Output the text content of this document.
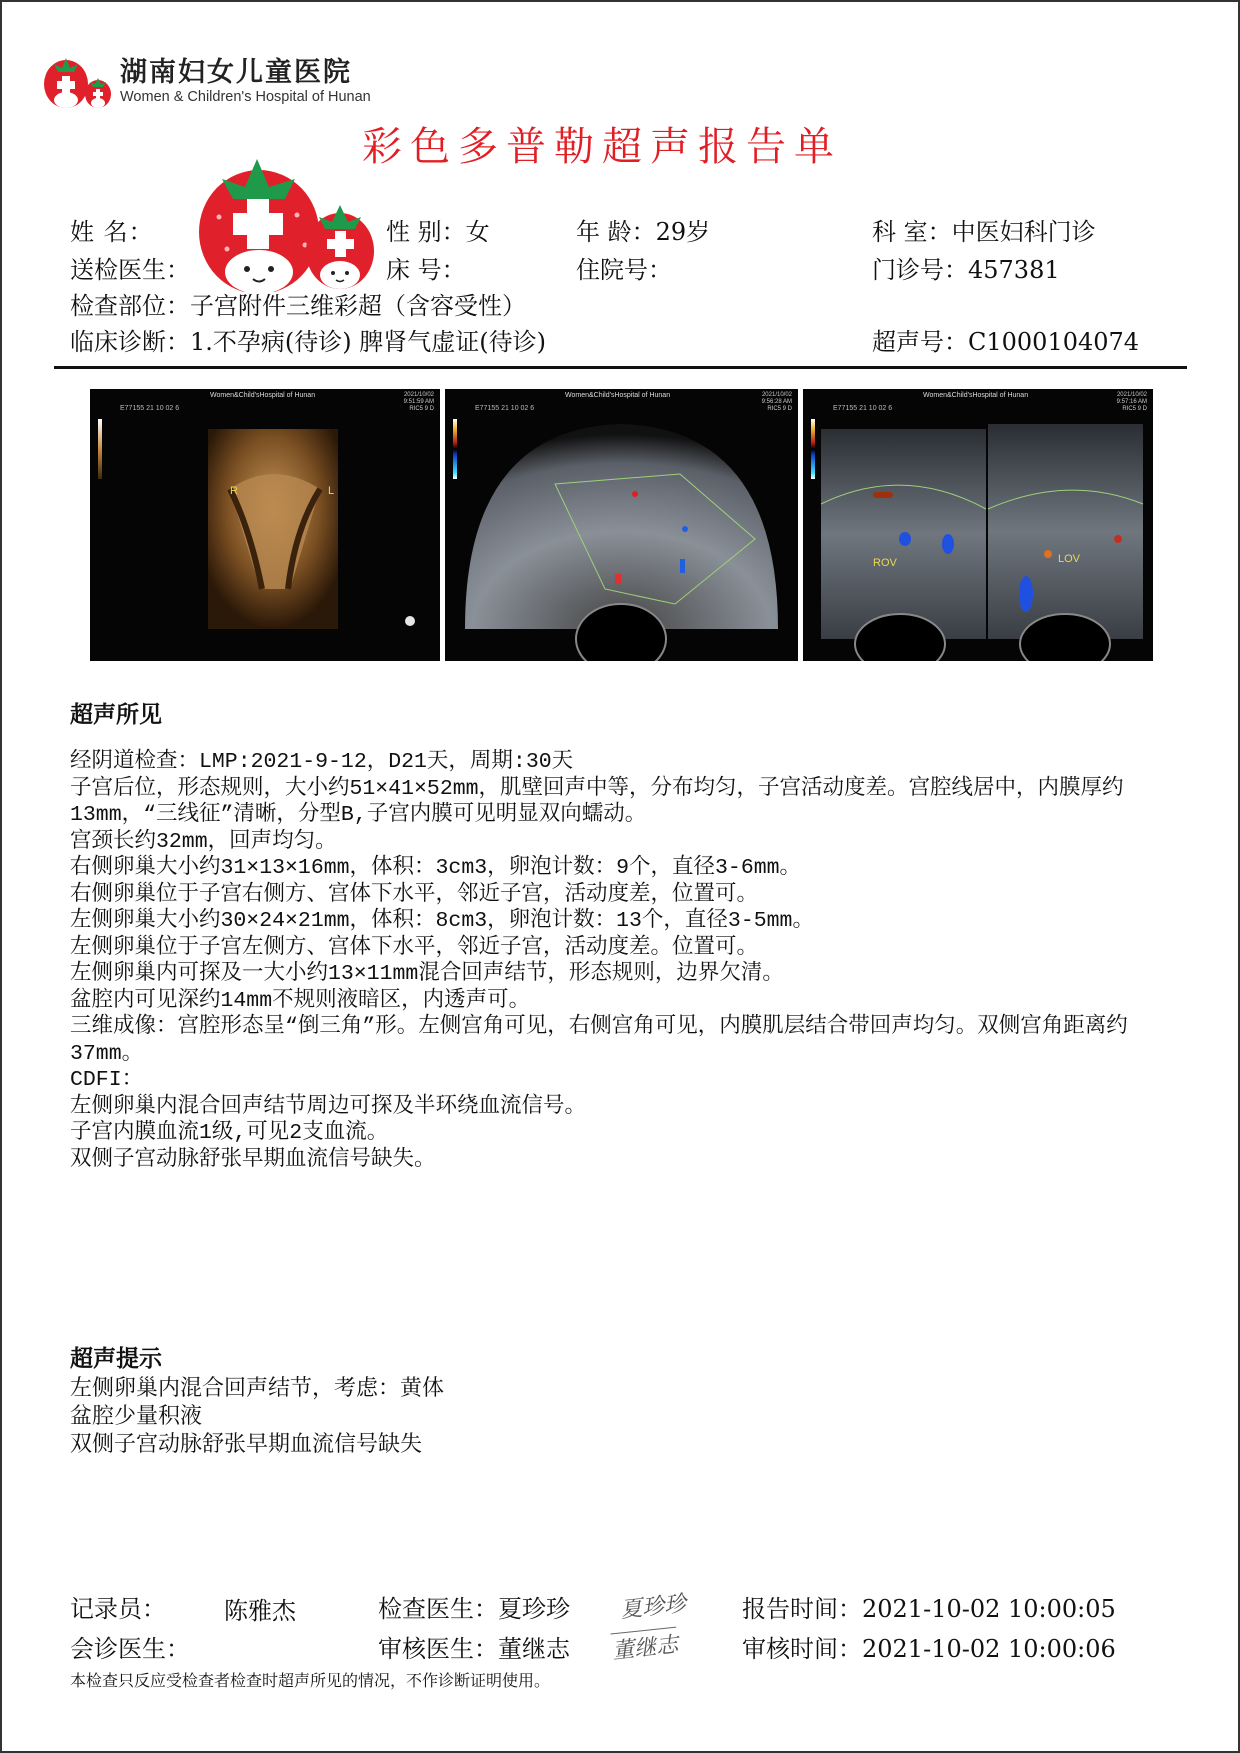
湖南妇女儿童医院
Women & Children's Hospital of Hunan
彩色多普勒超声报告单
姓 名：	性 别：女	年 龄：29岁	科 室：中医妇科门诊
送检医生：	床 号：	住院号：	门诊号：457381
检查部位：子宫附件三维彩超（含容受性）
临床诊断：1.不孕病(待诊) 脾肾气虚证(待诊)	超声号：C1000104074
E77155 21 10 02 6
Women&Child'sHospital of Hunan	2021/10/02
9:51:59 AM
RIC5 9 D
R	L
E77155 21 10 02 6
Women&Child'sHospital of Hunan	2021/10/02
9:56:28 AM
RIC5 9 D	E77155 21 10 02 6
Women&Child'sHospital of Hunan	2021/10/02
9:57:16 AM
RIC5 9 D
ROV	LOV
超声所见
经阴道检查：LMP:2021-9-12，D21天，周期:30天
子宫后位，形态规则，大小约51×41×52mm，肌壁回声中等，分布均匀，子宫活动度差。宫腔线居中，内膜厚约13mm，“三线征”清晰，分型B,子宫内膜可见明显双向蠕动。
宫颈长约32mm，回声均匀。
右侧卵巢大小约31×13×16mm，体积：3cm3，卵泡计数：9个，直径3-6mm。
右侧卵巢位于子宫右侧方、宫体下水平，邻近子宫，活动度差，位置可。
左侧卵巢大小约30×24×21mm，体积：8cm3，卵泡计数：13个，直径3-5mm。
左侧卵巢位于子宫左侧方、宫体下水平，邻近子宫，活动度差。位置可。
左侧卵巢内可探及一大小约13×11mm混合回声结节，形态规则，边界欠清。
盆腔内可见深约14mm不规则液暗区，内透声可。
三维成像：宫腔形态呈“倒三角”形。左侧宫角可见，右侧宫角可见，内膜肌层结合带回声均匀。双侧宫角距离约37mm。
CDFI：
左侧卵巢内混合回声结节周边可探及半环绕血流信号。
子宫内膜血流1级,可见2支血流。
双侧子宫动脉舒张早期血流信号缺失。
超声提示
左侧卵巢内混合回声结节，考虑：黄体
盆腔少量积液
双侧子宫动脉舒张早期血流信号缺失
记录员： 陈雅杰	检查医生：夏珍珍 夏珍珍 报告时间：2021-10-02 10:00:05
会诊医生：	审核医生：董继志 董继志	审核时间：2021-10-02 10:00:06
本检查只反应受检查者检查时超声所见的情况，不作诊断证明使用。
